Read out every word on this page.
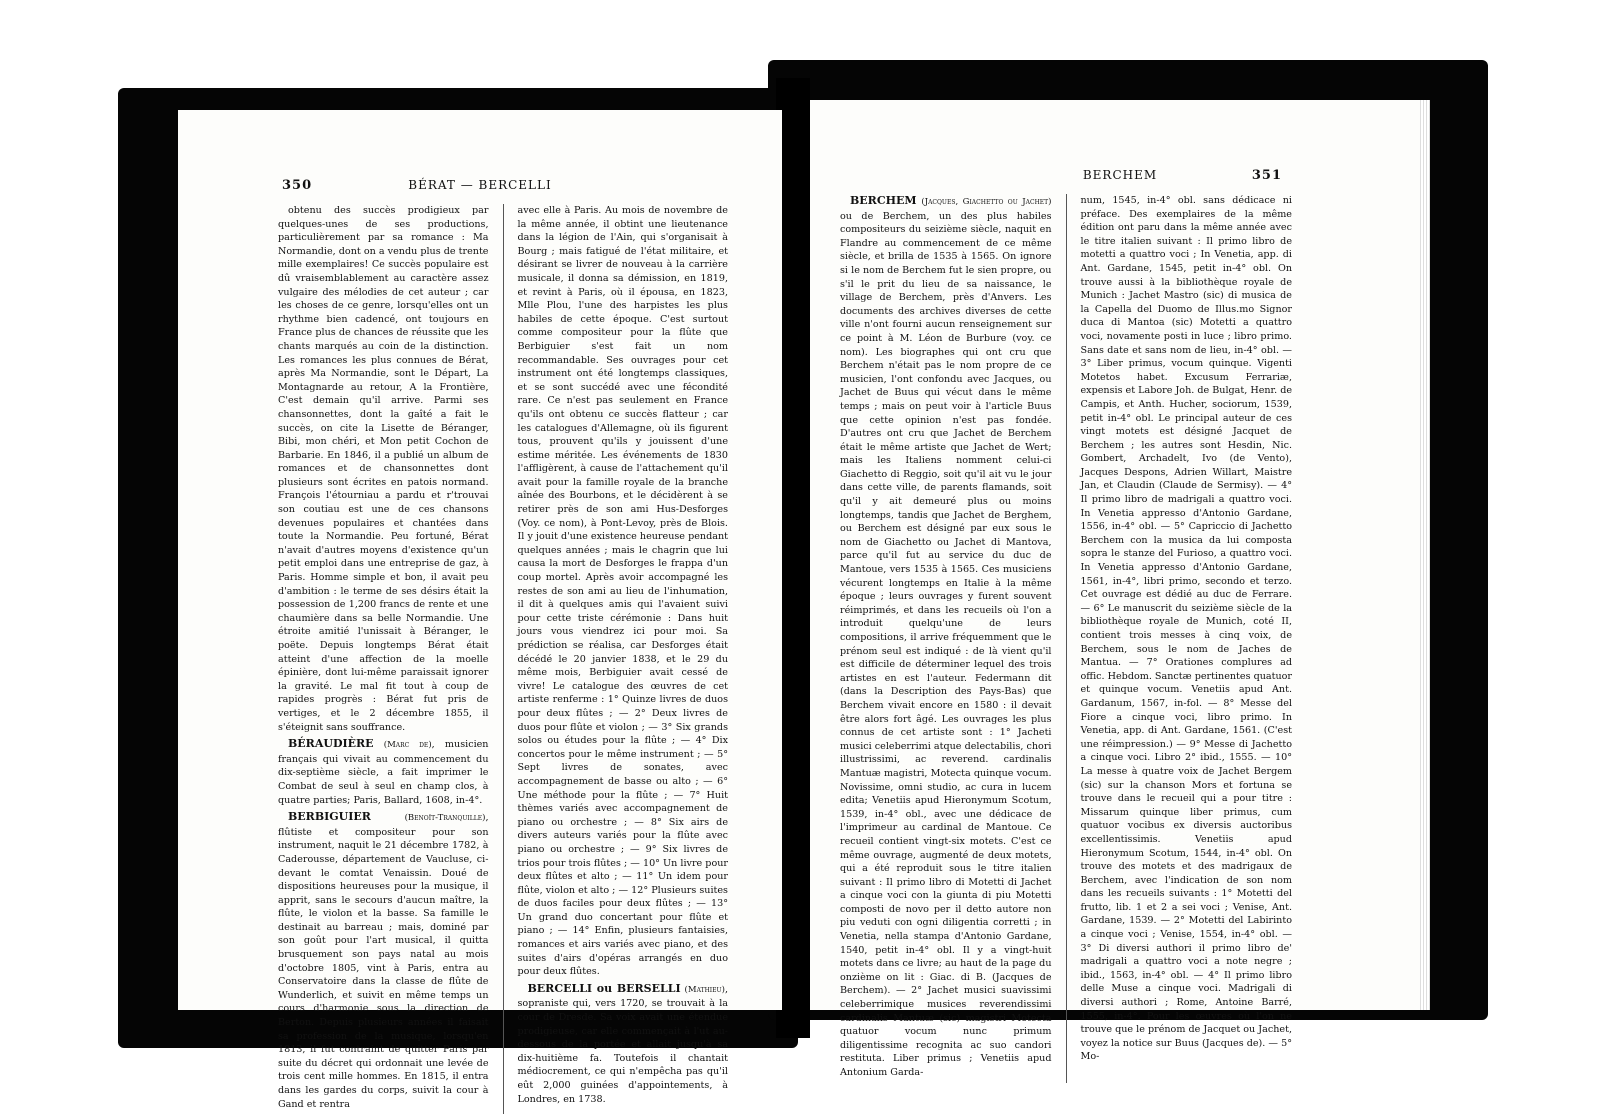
BÉRAT — BERCELLI
350

obtenu des succès prodigieux par quelques-unes de ses productions, particulièrement par sa romance : Ma Normandie, dont on a vendu plus de trente mille exemplaires! Ce succès populaire est dû vraisemblablement au caractère assez vulgaire des mélodies de cet auteur ; car les choses de ce genre, lorsqu'elles ont un rhythme bien cadencé, ont toujours en France plus de chances de réussite que les chants marqués au coin de la distinction. Les romances les plus connues de Bérat, après Ma Normandie, sont le Départ, La Montagnarde au retour, A la Frontière, C'est demain qu'il arrive. Parmi ses chansonnettes, dont la gaîté a fait le succès, on cite la Lisette de Béranger, Bibi, mon chéri, et Mon petit Cochon de Barbarie. En 1846, il a publié un album de romances et de chansonnettes dont plusieurs sont écrites en patois normand. François l'étourniau a pardu et r'trouvai son coutiau est une de ces chansons devenues populaires et chantées dans toute la Normandie. Peu fortuné, Bérat n'avait d'autres moyens d'existence qu'un petit emploi dans une entreprise de gaz, à Paris. Homme simple et bon, il avait peu d'ambition : le terme de ses désirs était la possession de 1,200 francs de rente et une chaumière dans sa belle Normandie. Une étroite amitié l'unissait à Béranger, le poëte. Depuis longtemps Bérat était atteint d'une affection de la moelle épinière, dont lui-même paraissait ignorer la gravité. Le mal fit tout à coup de rapides progrès : Bérat fut pris de vertiges, et le 2 décembre 1855, il s'éteignit sans souffrance.

BÉRAUDIÈRE (Marc de), musicien français qui vivait au commencement du dix-septième siècle, a fait imprimer le Combat de seul à seul en champ clos, à quatre parties; Paris, Ballard, 1608, in-4°.

BERBIGUIER	(Benoît-Tranquille), flûtiste et compositeur pour son instrument, naquit le 21 décembre 1782, à Caderousse, département de Vaucluse, ci-devant le comtat Venaissin. Doué de dispositions heureuses pour la musique, il apprit, sans le secours d'aucun maître, la flûte, le violon et la basse. Sa famille le destinait au barreau ; mais, dominé par son goût pour l'art musical, il quitta brusquement son pays natal au mois d'octobre 1805, vint à Paris, entra au Conservatoire dans la classe de flûte de Wunderlich, et suivit en même temps un cours d'harmonie sous la direction de Berton. Depuis plusieurs années il faisait sa profession de la musique, lorsqu'en 1813, il fut contraint de quitter Paris par suite du décret qui ordonnait une levée de trois cent mille hommes. En 1815, il entra dans les gardes du corps, suivit la cour à Gand et rentra

avec elle à Paris. Au mois de novembre de la même année, il obtint une lieutenance dans la légion de l'Ain, qui s'organisait à Bourg ; mais fatigué de l'état militaire, et désirant se livrer de nouveau à la carrière musicale, il donna sa démission, en 1819, et revint à Paris, où il épousa, en 1823, Mlle Plou, l'une des harpistes les plus habiles de cette époque. C'est surtout comme compositeur pour la flûte que Berbiguier s'est fait un nom recommandable. Ses ouvrages pour cet instrument ont été longtemps classiques, et se sont succédé avec une fécondité rare. Ce n'est pas seulement en France qu'ils ont obtenu ce succès flatteur ; car les catalogues d'Allemagne, où ils figurent tous, prouvent qu'ils y jouissent d'une estime méritée. Les événements de 1830 l'affligèrent, à cause de l'attachement qu'il avait pour la famille royale de la branche aînée des Bourbons, et le décidèrent à se retirer près de son ami Hus-Desforges (Voy. ce nom), à Pont-Levoy, près de Blois. Il y jouit d'une existence heureuse pendant quelques années ; mais le chagrin que lui causa la mort de Desforges le frappa d'un coup mortel. Après avoir accompagné les restes de son ami au lieu de l'inhumation, il dit à quelques amis qui l'avaient suivi pour cette triste cérémonie : Dans huit jours vous viendrez ici pour moi. Sa prédiction se réalisa, car Desforges était décédé le 20 janvier 1838, et le 29 du même mois, Berbiguier avait cessé de vivre! Le catalogue des œuvres de cet artiste renferme : 1° Quinze livres de duos pour deux flûtes ; — 2° Deux livres de duos pour flûte et violon ; — 3° Six grands solos ou études pour la flûte ; — 4° Dix concertos pour le même instrument ; — 5° Sept livres de sonates, avec accompagnement de basse ou alto ; — 6° Une méthode pour la flûte ; — 7° Huit thèmes variés avec accompagnement de piano ou orchestre ; — 8° Six airs de divers auteurs variés pour la flûte avec piano ou orchestre ; — 9° Six livres de trios pour trois flûtes ; — 10° Un livre pour deux flûtes et alto ; — 11° Un idem pour flûte, violon et alto ; — 12° Plusieurs suites de duos faciles pour deux flûtes ; — 13° Un grand duo concertant pour flûte et piano ; — 14° Enfin, plusieurs fantaisies, romances et airs variés avec piano, et des suites d'airs d'opéras arrangés en duo pour deux flûtes.

BERCELLI ou BERSELLI (Mathieu), sopraniste qui, vers 1720, se trouvait à la cour de Dresde. Sa voix avait une étendue prodigieuse, car elle commençait à l'ut au-dessous de la portée et allait jusqu'à sa dix-huitième fa. Toutefois il chantait médiocrement, ce qui n'empêcha pas qu'il eût 2,000 guinées d'appointements, à Londres, en 1738.

BERCHEM	351

BERCHEM (Jacques, Giachetto ou Jachet) ou de Berchem, un des plus habiles compositeurs du seizième siècle, naquit en Flandre au commencement de ce même siècle, et brilla de 1535 à 1565. On ignore si le nom de Berchem fut le sien propre, ou s'il le prit du lieu de sa naissance, le village de Berchem, près d'Anvers. Les documents des archives diverses de cette ville n'ont fourni aucun renseignement sur ce point à M. Léon de Burbure (voy. ce nom). Les biographes qui ont cru que Berchem n'était pas le nom propre de ce musicien, l'ont confondu avec Jacques, ou Jachet de Buus qui vécut dans le même temps ; mais on peut voir à l'article Buus que cette opinion n'est pas fondée. D'autres ont cru que Jachet de Berchem était le même artiste que Jachet de Wert; mais les Italiens nomment celui-ci Giachetto di Reggio, soit qu'il ait vu le jour dans cette ville, de parents flamands, soit qu'il y ait demeuré plus ou moins longtemps, tandis que Jachet de Berghem, ou Berchem est désigné par eux sous le nom de Giachetto ou Jachet di Mantova, parce qu'il fut au service du duc de Mantoue, vers 1535 à 1565. Ces musiciens vécurent longtemps en Italie à la même époque ; leurs ouvrages y furent souvent réimprimés, et dans les recueils où l'on a introduit quelqu'une de leurs compositions, il arrive fréquemment que le prénom seul est indiqué : de là vient qu'il est difficile de déterminer lequel des trois artistes en est l'auteur. Federmann dit (dans la Description des Pays-Bas) que Berchem vivait encore en 1580 : il devait être alors fort âgé. Les ouvrages les plus connus de cet artiste sont : 1° Jacheti musici celeberrimi atque delectabilis, chori illustrissimi, ac reverend. cardinalis Mantuæ magistri, Motecta quinque vocum. Novissime, omni studio, ac cura in lucem edita; Venetiis apud Hieronymum Scotum, 1539, in-4° obl., avec une dédicace de l'imprimeur au cardinal de Mantoue. Ce recueil contient vingt-six motets. C'est ce même ouvrage, augmenté de deux motets, qui a été reproduit sous le titre italien suivant : Il primo libro di Motetti di Jachet a cinque voci con la giunta di piu Motetti composti de novo per il detto autore non piu veduti con ogni diligentia corretti ; in Venetia, nella stampa d'Antonio Gardane, 1540, petit in-4° obl. Il y a vingt-huit motets dans ce livre; au haut de la page du onzième on lit : Giac. di B. (Jacques de Berchem). — 2° Jachet musici suavissimi celeberrimique musices reverendissimi cardinalis Mantuæ (sic) magistri Motecta quatuor vocum nunc primum diligentissime recognita ac suo candori restituta. Liber primus ; Venetiis apud Antonium Garda-

num, 1545, in-4° obl. sans dédicace ni préface. Des exemplaires de la même édition ont paru dans la même année avec le titre italien suivant : Il primo libro de motetti a quattro voci ; In Venetia, app. di Ant. Gardane, 1545, petit in-4° obl. On trouve aussi à la bibliothèque royale de Munich : Jachet Mastro (sic) di musica de la Capella del Duomo de Illus.mo Signor duca di Mantoa (sic) Motetti a quattro voci, novamente posti in luce ; libro primo. Sans date et sans nom de lieu, in-4° obl. — 3° Liber primus, vocum quinque. Vigenti Motetos habet. Excusum Ferrariæ, expensis et Labore Joh. de Bulgat, Henr. de Campis, et Anth. Hucher, sociorum, 1539, petit in-4° obl. Le principal auteur de ces vingt motets est désigné Jacquet de Berchem ; les autres sont Hesdin, Nic. Gombert, Archadelt, Ivo (de Vento), Jacques Despons, Adrien Willart, Maistre Jan, et Claudin (Claude de Sermisy). — 4° Il primo libro de madrigali a quattro voci. In Venetia appresso d'Antonio Gardane, 1556, in-4° obl. — 5° Capriccio di Jachetto Berchem con la musica da lui composta sopra le stanze del Furioso, a quattro voci. In Venetia appresso d'Antonio Gardane, 1561, in-4°, libri primo, secondo et terzo. Cet ouvrage est dédié au duc de Ferrare. — 6° Le manuscrit du seizième siècle de la bibliothèque royale de Munich, coté II, contient trois messes à cinq voix, de Berchem, sous le nom de Jaches de Mantua. — 7° Orationes complures ad offic. Hebdom. Sanctæ pertinentes quatuor et quinque vocum. Venetiis apud Ant. Gardanum, 1567, in-fol. — 8° Messe del Fiore a cinque voci, libro primo. In Venetia, app. di Ant. Gardane, 1561. (C'est une réimpression.) — 9° Messe di Jachetto a cinque voci. Libro 2° ibid., 1555. — 10° La messe à quatre voix de Jachet Bergem (sic) sur la chanson Mors et fortuna se trouve dans le recueil qui a pour titre : Missarum quinque liber primus, cum quatuor vocibus ex diversis auctoribus excellentissimis. Venetiis apud Hieronymum Scotum, 1544, in-4° obl. On trouve des motets et des madrigaux de Berchem, avec l'indication de son nom dans les recueils suivants : 1° Motetti del frutto, lib. 1 et 2 a sei voci ; Venise, Ant. Gardane, 1539. — 2° Motetti del Labirinto a cinque voci ; Venise, 1554, in-4° obl. — 3° Di diversi authori il primo libro de' madrigali a quattro voci a note negre ; ibid., 1563, in-4° obl. — 4° Il primo libro delle Muse a cinque voci. Madrigali di diversi authori ; Rome, Antoine Barré, 1555, in-4°. Pour les œuvres où l'on ne trouve que le prénom de Jacquet ou Jachet, voyez la notice sur Buus (Jacques de). — 5° Mo-
